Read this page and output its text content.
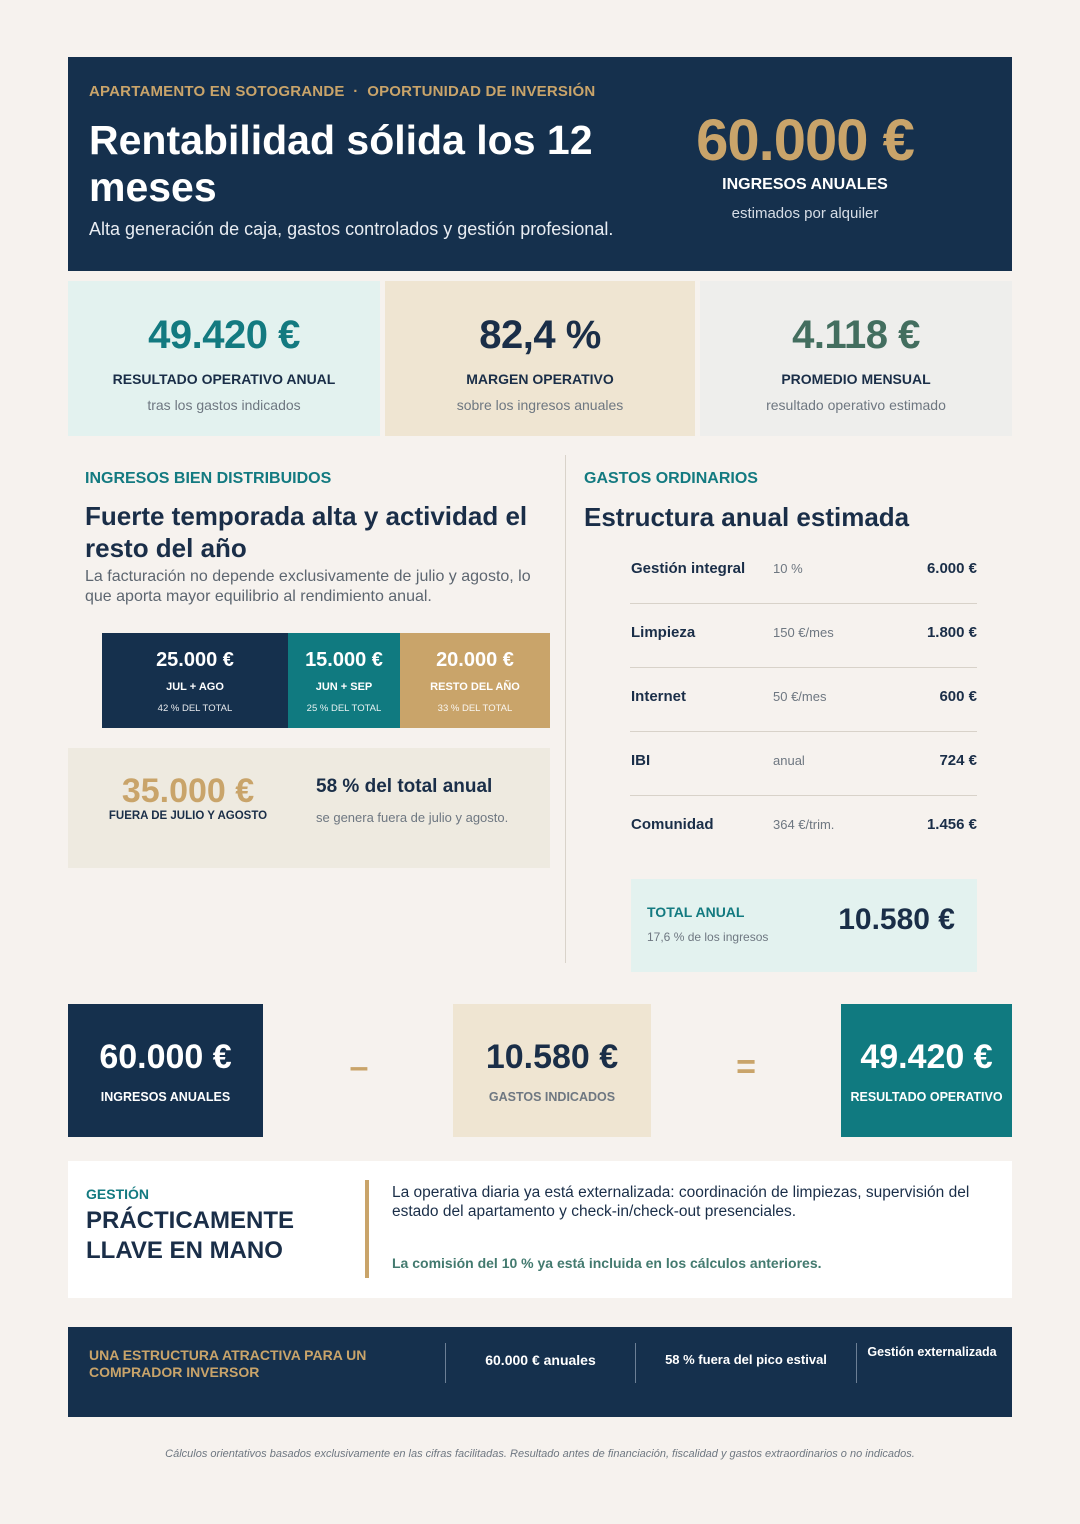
APARTAMENTO EN SOTOGRANDE  ·  OPORTUNIDAD DE INVERSIÓN
Rentabilidad sólida los 12 meses
Alta generación de caja, gastos controlados y gestión profesional.
60.000 €
INGRESOS ANUALES
estimados por alquiler
49.420 €
RESULTADO OPERATIVO ANUAL
tras los gastos indicados
82,4 %
MARGEN OPERATIVO
sobre los ingresos anuales
4.118 €
PROMEDIO MENSUAL
resultado operativo estimado
INGRESOS BIEN DISTRIBUIDOS
Fuerte temporada alta y actividad el resto del año
La facturación no depende exclusivamente de julio y agosto, lo que aporta mayor equilibrio al rendimiento anual.
25.000 €
JUL + AGO
42 % DEL TOTAL
15.000 €
JUN + SEP
25 % DEL TOTAL
20.000 €
RESTO DEL AÑO
33 % DEL TOTAL
35.000 €
FUERA DE JULIO Y AGOSTO
58 % del total anual
se genera fuera de julio y agosto.
GASTOS ORDINARIOS
Estructura anual estimada
Gestión integral 10 %	6.000 €
Limpieza	150 €/mes	1.800 €
Internet	50 €/mes	600 €
IBI	anual	724 €
Comunidad	364 €/trim.	1.456 €
TOTAL ANUAL
17,6 % de los ingresos
10.580 €
60.000 €
INGRESOS ANUALES
–	10.580 €
GASTOS INDICADOS
=	49.420 €
RESULTADO OPERATIVO
GESTIÓN
PRÁCTICAMENTE LLAVE EN MANO
La operativa diaria ya está externalizada: coordinación de limpiezas, supervisión del estado del apartamento y check-in/check-out presenciales.
La comisión del 10 % ya está incluida en los cálculos anteriores.
UNA ESTRUCTURA ATRACTIVA PARA UN COMPRADOR INVERSOR
60.000 € anuales	58 % fuera del pico estival	Gestión externalizada
Cálculos orientativos basados exclusivamente en las cifras facilitadas. Resultado antes de financiación, fiscalidad y gastos extraordinarios o no indicados.
